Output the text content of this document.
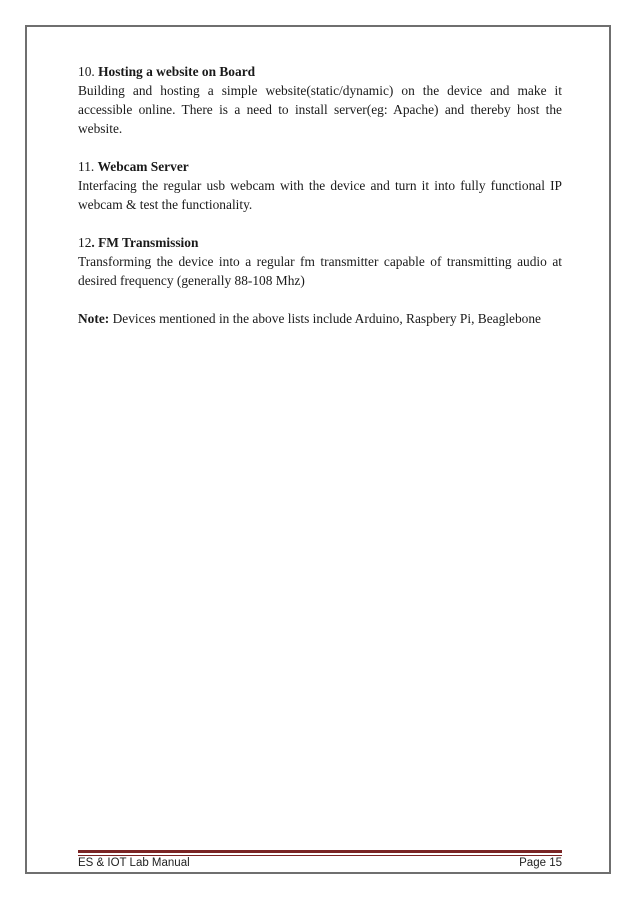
10. Hosting a website on Board

Building and hosting a simple website(static/dynamic) on the device and make it accessible online. There is a need to install server(eg: Apache) and thereby host the website.

11. Webcam Server

Interfacing the regular usb webcam with the device and turn it into fully functional IP webcam & test the functionality.

12. FM Transmission

Transforming the device into a regular fm transmitter capable of transmitting audio at desired frequency (generally 88-108 Mhz)

Note: Devices mentioned in the above lists include Arduino, Raspbery Pi, Beaglebone

ES & IOT Lab Manual	Page 15
